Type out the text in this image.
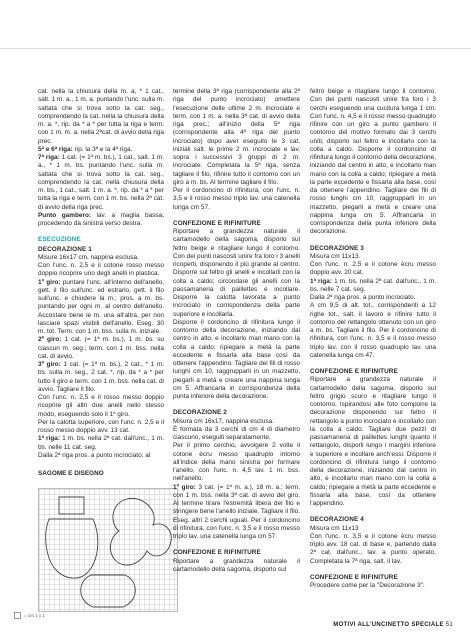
cat. nella la chiusura della m. a, * 1 cat., salt. 1 m. a., 1 m. a. puntando l'unc. sulla m. saltata che si trova sotto la cat. seg., comprendendo la cat. nella la chiusura della m. a. *, rip. da * a * per tutta la riga e term. con 1 m. m. a. nella 2ªcat. di avvio della riga prec.

5ª e 6ª riga: rip. la 3ª e la 4ª riga.

7ª riga: 1 cat. (= 1ª m. bs.), 1 cat., salt. 1 m. a., * 1 m. bs. puntando l'unc. sulla m. saltata che si trova sotto la cat. seg., comprendendo la cat. nella chiusura della m. bs., 1 cat., salt. 1 m. a. *, rip. da * a * per tutta la riga e term. con 1 m. bs. nella 2ª cat. di avvio della riga prec.

Punto gambero: lav. a maglia bassa, procedendo da sinistra verso destra.

ESECUZIONE
DECORAZIONE 1

Misure 16x17 cm, nappina esclusa.

Con l'unc. n. 2,5 e il cotone rosso messo doppio ricoprire uno degli anelli in plastica.

1º giro: puntare l'unc. all'interno dell'anello, gett. il filo sull'unc. ed estrarlo, gett. il filo sull'unc. e chiudere la m.; pros. a m. bs. puntando per ogni m. al centro dell'anello. Accostare bene le m. una all'altra, per non lasciare spazi visibili dell'anello. Eseg. 30 m. tot. Term. con 1 m. bss. sulla m. iniziale.

2º giro: 1 cat. (= 1ª m. bs.), 1 m. bs. su ciascun m. seg.; term. con 1 m. bss. nella cat. di avvio.

3º giro: 1 cat. (= 1ª m. bs.), 2 cat., * 1 m. bs. sulla m. seg., 2 cat. *, rip. da * a * per tutto il giro e term. con 1 m. bss. nella cat. di avvio. Tagliare il filo.

Con l'unc. n. 2,5 e il rosso messo doppio ricoprire gli altri due anelli nello stesso modo, eseguendo solo il 1º giro.

Per la calotta superiore, con l'unc. n. 2,5 e il rosso messo doppio avv. 13 cat.

1ª riga: 1 m. bs. nella 2ª cat. dall'unc., 1 m. bs. nelle 11 cat. seg.

Dalla 2ª riga pros. a punto incrociato; al

SAGOME E DISEGNO
= cm 1 x 1

termine della 3ª riga (corrispondente alla 2ª riga del punto incrociato) omettere l'esecuzione delle ultime 2 m. incrociate e term. con 1 m. a. nella 3ª cat. di avvio della riga prec.; all'inizio della 5ª riga (corrispondente alla 4ª riga del punto incrociato) dopo aver eseguito le 3 cat. iniziali salt. le prime 2 m. incrociate e lav. sopra i successivi 3 gruppi di 2 m. incrociate. Completata la 5ª riga, senza tagliare il filo, rifinire tutto il contorno con un giro a m. bs. Al termine tagliare il filo.

Per il cordoncino di rifinitura, con l'unc. n. 3,5 e il rosso messo triplo lav. una catenella lunga cm 57.

CONFEZIONE E RIFINITURE

Riportare a grandezza naturale il cartamodello della sagoma, disporlo sul feltro beige e ritagliare lungo il contorno. Con dei punti nascosti unire fra loro i 3 anelli ricoperti, disponendo il più grande al centro. Disporre sul feltro gli anelli e incollarli con la colla a caldo; circondare gli anelli con la passamaneria di paillettes e incollare. Disporre la calotta lavorata a punto incrociato in corrispondenza della parte superiore e incollarla.

Disporre il cordoncino di rifinitura lungo il contorno della decorazione, iniziando dal centro in alto, e incollarlo man mano con la colla a caldo; ripiegare a metà la parte eccedente e fissarla alla base così da ottenere l'appendino. Tagliare dei fili di rosso lunghi cm 10, raggrupparli in un mazzetto, piegarli a metà e creare una nappina lunga cm 5. Affrancarla in corrispondenza della punta inferiore della decorazione.

DECORAZIONE 2

Misura cm 16x17, nappina esclusa.

È formata da 3 cerchi di cm 4 di diametro ciascuno, eseguiti separatamente.

Per il primo cerchio, avvolgere 2 volte il cotone ècru messo quadruplo intorno all'indice della mano sinistra per formare l'anello, con l'unc. n. 4,5 lav. 1 m. bss. nell'anello.

1º giro: 3 cat. (= 1ª m. a.), 18 m. a.; term. con 1 m. bss. nella 3ª cat. di avvio del giro. Al termine tirare l'estremità libera del filo e stringere bene l'anello iniziale. Tagliare il filo. Eseg. altri 2 cerchi uguali. Per il cordoncino di rifinitura, con l'unc. n. 3,5 e il rosso messo triplo lav. una catenella lunga cm 57.

CONFEZIONE E RIFINITURE

Riportare a grandezza naturale il cartamodello della sagoma, disporlo sul

feltro beige e ritagliare lungo il contorno. Con dei punti nascosti unire fra loro i 3 cerchi eseguendo una cucitura lunga 1 cm. Con l'unc. n. 4,5 e il rosso messo quadruplo rifinire con un giro a punto gambero il contorno del motivo formato dai 3 cerchi uniti; disporlo sul feltro e incollarlo con la colla a caldo. Disporre il cordoncino di rifinitura lungo il contorno della decorazione, iniziando dal centro in alto, e incollarlo man mano con la colla a caldo; ripiegare a metà la parte eccedente e fissarla alla base, così da ottenere l'appendino. Tagliare dei fili di rosso lunghi cm 10, raggrupparli in un mazzetto, piegarli a metà e creare una nappina lunga cm 5. Affrancarla in corrispondenza della punta inferiore della decorazione.

DECORAZIONE 3

Misura cm 11x13.

Con l'unc. n. 2,5 e il cotone ècru messo doppio avv. 20 cat.

1ª riga: 1 m. bs. nella 2ª cat. dall'unc., 1 m. bs. nelle 7 cat. seg.

Dalla 2ª riga pros. a punto incrociato.

A cm 9,5 di alt. tot., corrispondenti a 12 righe tot., salt. il lavoro e rifinire tutto il contorno del rettangolo ottenuto con un giro a m. bs. Tagliare il filo. Per il cordoncino di rifinitura, con l'unc. n. 3,5 e il rosso messo triplo lav. con il rosso quadruplo lav. una catenella lunga cm 47.

CONFEZIONE E RIFINITURE

Riportare a grandezza naturale il cartamodello della sagoma, disporlo sul feltro grigio scuro e ritagliare lungo il contorno. Ispirandosi alle foto comporre la decorazione disponendo sul feltro il rettangolo a punto incrociato e incollarlo con la colla a caldo. Tagliare due pezzi di passamaneria di paillettes lunghi quanto il rettangolo, disporli lungo i margini inferiore e superiore e incollare anch'essi. Disporre il cordoncino di rifinitura lungo il contorno della decorazione, iniziando dal centro in alto, e incollarlo man mano con la colla a caldo; ripiegare a metà la parte eccedente e fissarla alla base, così da ottenere l'appendino.

DECORAZIONE 4

Misura cm 11x13

Con l'unc. n. 3,5 e il cotone ècru messo triplo avv. 18 cat. di base e, partendo dalla 2ª cat. dall'unc., lav. a punto operato. Completata la 7ª riga, salt. il lav.

CONFEZIONE E RIFINITURE

Procedere come per la "Decorazione 3".

MOTIVI ALL'UNCINETTO SPECIALE 51
